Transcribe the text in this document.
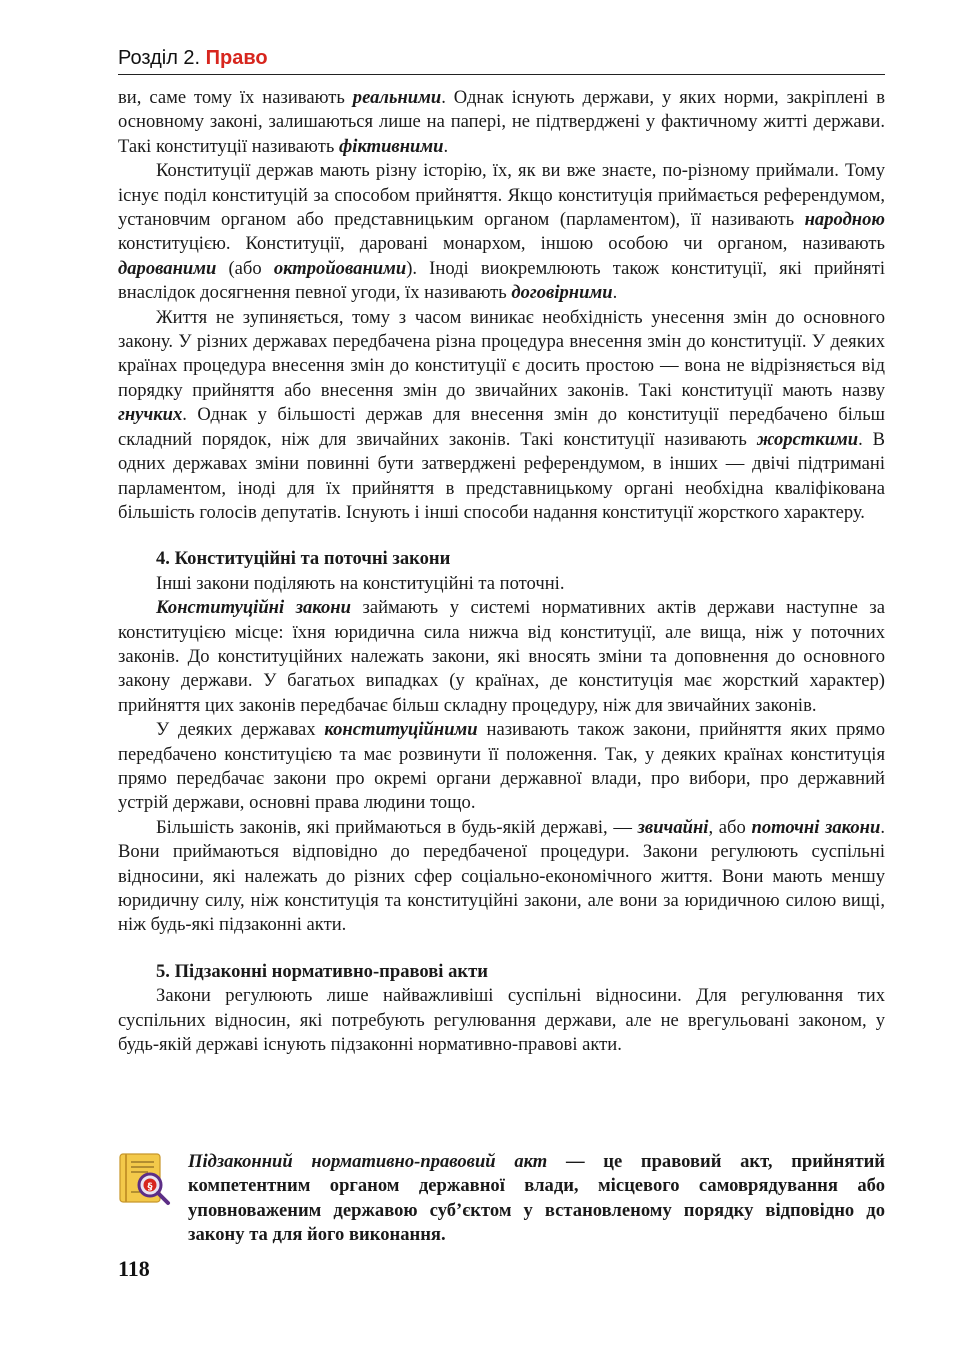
Розділ 2. Право

ви, саме тому їх називають реальними. Однак існують держави, у яких норми, закріплені в основному законі, залишаються лише на папері, не підтверджені у фактичному житті держави. Такі конституції називають фіктивними.

Конституції держав мають різну історію, їх, як ви вже знаєте, по-різному приймали. Тому існує поділ конституцій за способом прийняття. Якщо конституція приймається референдумом, установчим органом або представницьким органом (парламентом), її називають народною конституцією. Конституції, даровані монархом, іншою особою чи органом, називають дарованими (або октройованими). Іноді виокремлюють також конституції, які прийняті внаслідок досягнення певної угоди, їх називають договірними.

Життя не зупиняється, тому з часом виникає необхідність унесення змін до основного закону. У різних державах передбачена різна процедура внесення змін до конституції. У деяких країнах процедура внесення змін до конституції є досить простою — вона не відрізняється від порядку прийняття або внесення змін до звичайних законів. Такі конституції мають назву гнучких. Однак у більшості держав для внесення змін до конституції передбачено більш складний порядок, ніж для звичайних законів. Такі конституції називають жорсткими. В одних державах зміни повинні бути затверджені референдумом, в інших — двічі підтримані парламентом, іноді для їх прийняття в представницькому органі необхідна кваліфікована більшість голосів депутатів. Існують і інші способи надання конституції жорсткого характеру.

4. Конституційні та поточні закони

Інші закони поділяють на конституційні та поточні.

Конституційні закони займають у системі нормативних актів держави наступне за конституцією місце: їхня юридична сила нижча від конституції, але вища, ніж у поточних законів. До конституційних належать закони, які вносять зміни та доповнення до основного закону держави. У багатьох випадках (у країнах, де конституція має жорсткий характер) прийняття цих законів передбачає більш складну процедуру, ніж для звичайних законів.

У деяких державах конституційними називають також закони, прийняття яких прямо передбачено конституцією та має розвинути її положення. Так, у деяких країнах конституція прямо передбачає закони про окремі органи державної влади, про вибори, про державний устрій держави, основні права людини тощо.

Більшість законів, які приймаються в будь-якій державі, — звичайні, або поточні закони. Вони приймаються відповідно до передбаченої процедури. Закони регулюють суспільні відносини, які належать до різних сфер соціально-економічного життя. Вони мають меншу юридичну силу, ніж конституція та конституційні закони, але вони за юридичною силою вищі, ніж будь-які підзаконні акти.

5. Підзаконні нормативно-правові акти

Закони регулюють лише найважливіші суспільні відносини. Для регулювання тих суспільних відносин, які потребують регулювання держави, але не врегульовані законом, у будь-якій державі існують підзаконні нормативно-правові акти.

§
Підзаконний нормативно-правовий акт — це правовий акт, прийнятий компетентним органом державної влади, місцевого самоврядування або уповноваженим державою суб’єктом у встановленому порядку відповідно до закону та для його виконання.
118
